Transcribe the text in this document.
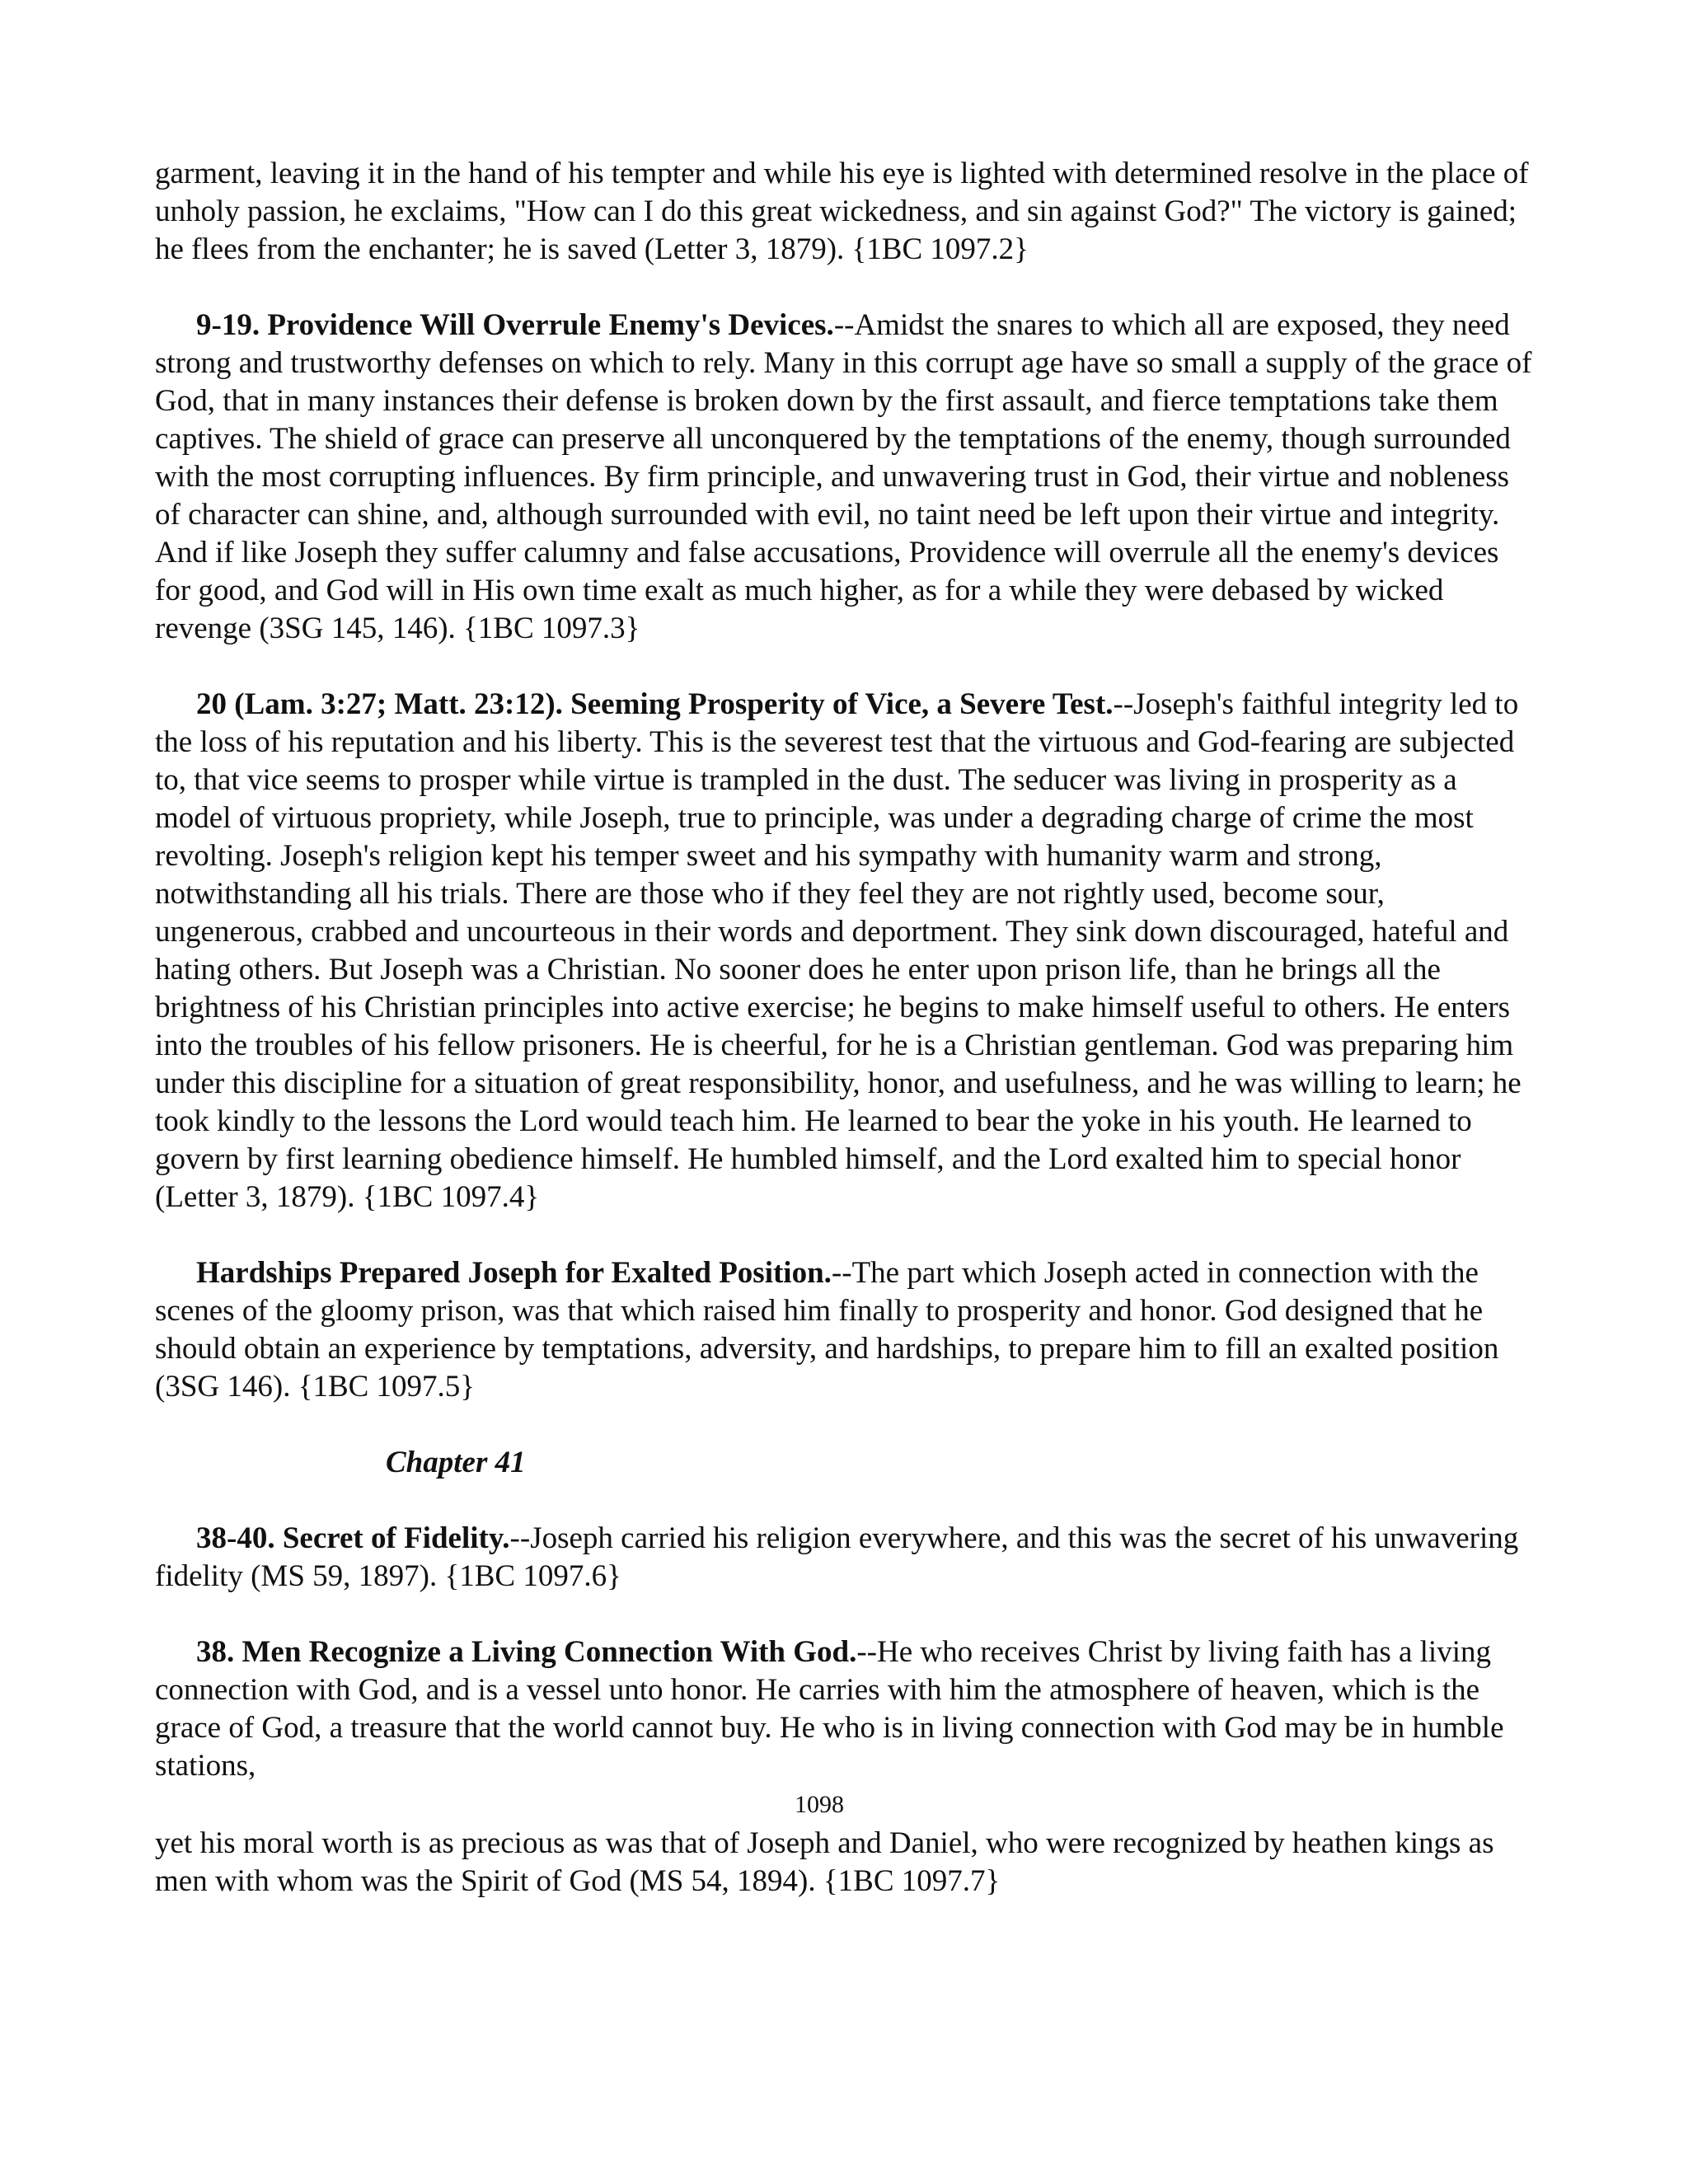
garment, leaving it in the hand of his tempter and while his eye is lighted with determined resolve in the place of unholy passion, he exclaims, "How can I do this great wickedness, and sin against God?" The victory is gained; he flees from the enchanter; he is saved (Letter 3, 1879). {1BC 1097.2}

9-19. Providence Will Overrule Enemy's Devices.--Amidst the snares to which all are exposed, they need strong and trustworthy defenses on which to rely. Many in this corrupt age have so small a supply of the grace of God, that in many instances their defense is broken down by the first assault, and fierce temptations take them captives. The shield of grace can preserve all unconquered by the temptations of the enemy, though surrounded with the most corrupting influences. By firm principle, and unwavering trust in God, their virtue and nobleness of character can shine, and, although surrounded with evil, no taint need be left upon their virtue and integrity. And if like Joseph they suffer calumny and false accusations, Providence will overrule all the enemy's devices for good, and God will in His own time exalt as much higher, as for a while they were debased by wicked revenge (3SG 145, 146). {1BC 1097.3}

20 (Lam. 3:27; Matt. 23:12). Seeming Prosperity of Vice, a Severe Test.--Joseph's faithful integrity led to the loss of his reputation and his liberty. This is the severest test that the virtuous and God-fearing are subjected to, that vice seems to prosper while virtue is trampled in the dust. The seducer was living in prosperity as a model of virtuous propriety, while Joseph, true to principle, was under a degrading charge of crime the most revolting. Joseph's religion kept his temper sweet and his sympathy with humanity warm and strong, notwithstanding all his trials. There are those who if they feel they are not rightly used, become sour, ungenerous, crabbed and uncourteous in their words and deportment. They sink down discouraged, hateful and hating others. But Joseph was a Christian. No sooner does he enter upon prison life, than he brings all the brightness of his Christian principles into active exercise; he begins to make himself useful to others. He enters into the troubles of his fellow prisoners. He is cheerful, for he is a Christian gentleman. God was preparing him under this discipline for a situation of great responsibility, honor, and usefulness, and he was willing to learn; he took kindly to the lessons the Lord would teach him. He learned to bear the yoke in his youth. He learned to govern by first learning obedience himself. He humbled himself, and the Lord exalted him to special honor (Letter 3, 1879). {1BC 1097.4}

Hardships Prepared Joseph for Exalted Position.--The part which Joseph acted in connection with the scenes of the gloomy prison, was that which raised him finally to prosperity and honor. God designed that he should obtain an experience by temptations, adversity, and hardships, to prepare him to fill an exalted position (3SG 146). {1BC 1097.5}

Chapter 41

38-40. Secret of Fidelity.--Joseph carried his religion everywhere, and this was the secret of his unwavering fidelity (MS 59, 1897). {1BC 1097.6}

38. Men Recognize a Living Connection With God.--He who receives Christ by living faith has a living connection with God, and is a vessel unto honor. He carries with him the atmosphere of heaven, which is the grace of God, a treasure that the world cannot buy. He who is in living connection with God may be in humble stations,

1098

yet his moral worth is as precious as was that of Joseph and Daniel, who were recognized by heathen kings as men with whom was the Spirit of God (MS 54, 1894). {1BC 1097.7}
